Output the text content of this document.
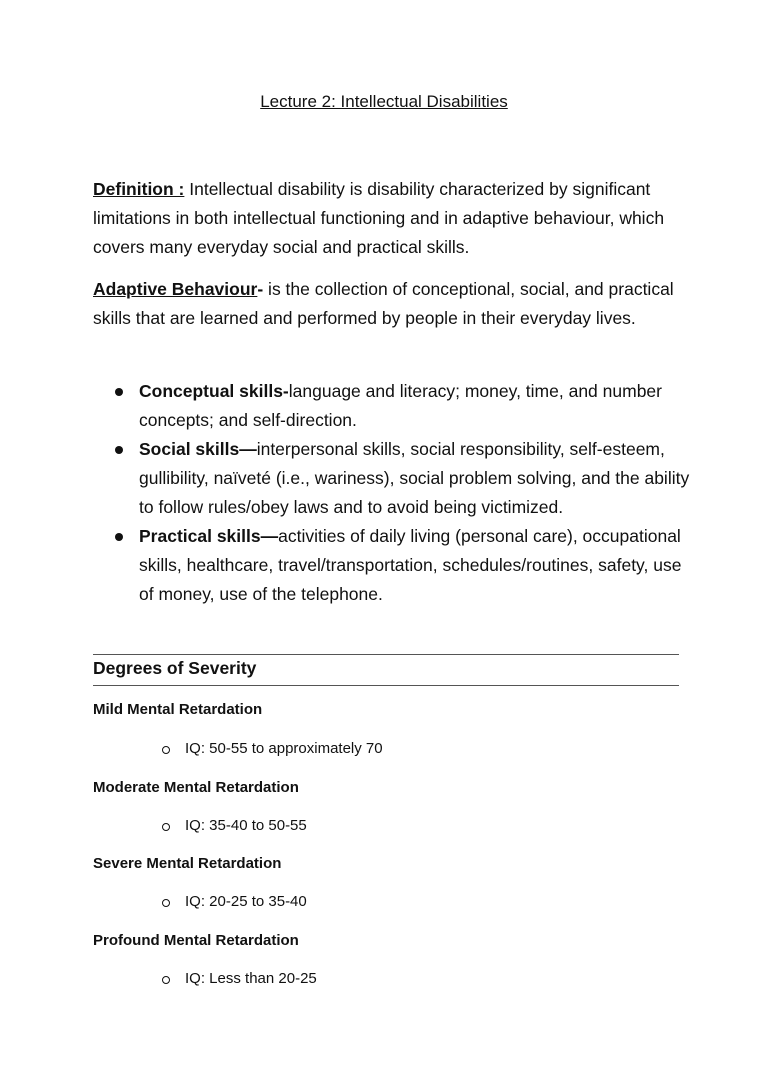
Lecture 2: Intellectual Disabilities
Definition : Intellectual disability is disability characterized by significant limitations in both intellectual functioning and in adaptive behaviour, which covers many everyday social and practical skills.
Adaptive Behaviour- is the collection of conceptional, social, and practical skills that are learned and performed by people in their everyday lives.
Conceptual skills-language and literacy; money, time, and number concepts; and self-direction.
Social skills—interpersonal skills, social responsibility, self-esteem, gullibility, naïveté (i.e., wariness), social problem solving, and the ability to follow rules/obey laws and to avoid being victimized.
Practical skills—activities of daily living (personal care), occupational skills, healthcare, travel/transportation, schedules/routines, safety, use of money, use of the telephone.
Degrees of Severity
Mild Mental Retardation
IQ: 50-55 to approximately 70
Moderate Mental Retardation
IQ: 35-40 to 50-55
Severe Mental Retardation
IQ: 20-25 to 35-40
Profound Mental Retardation
IQ: Less than 20-25
